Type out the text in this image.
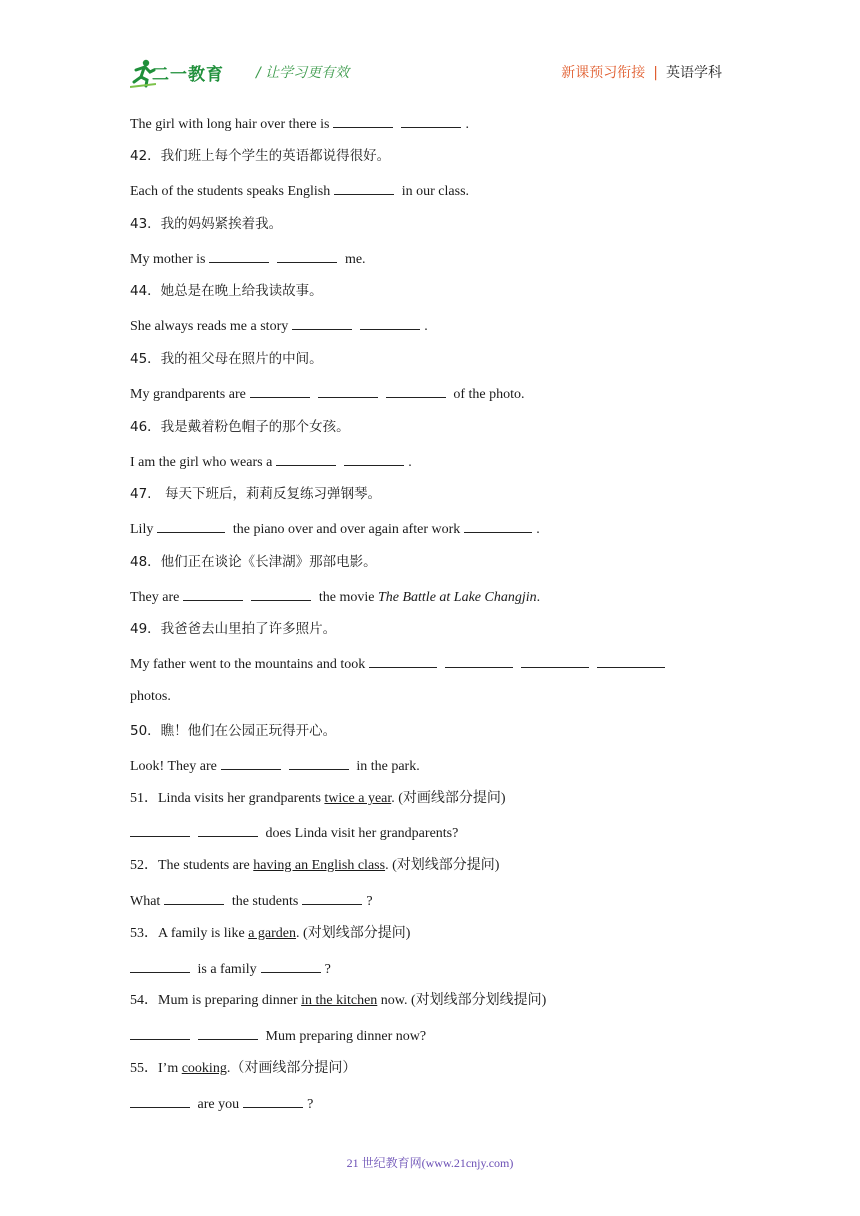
二一教育 / 让学习更有效	新课预习衔接 | 英语学科
The girl with long hair over there is	.
42．我们班上每个学生的英语都说得很好。
Each of the students speaks English	in our class.
43．我的妈妈紧挨着我。
My mother is	me.
44．她总是在晚上给我读故事。
She always reads me a story	.
45．我的祖父母在照片的中间。
My grandparents are	of the photo.
46．我是戴着粉色帽子的那个女孩。
I am the girl who wears a	.
47.　每天下班后，莉莉反复练习弹钢琴。
Lily	the piano over and over again after work	.
48．他们正在谈论《长津湖》那部电影。
They are	the movie The Battle at Lake Changjin.
49．我爸爸去山里拍了许多照片。
My father went to the mountains and took
photos.
50．瞧！他们在公园正玩得开心。
Look! They are	in the park.
51．Linda visits her grandparents twice a year. (对画线部分提问)
does Linda visit her grandparents?
52．The students are having an English class. (对划线部分提问)
What	the students	?
53．A family is like a garden. (对划线部分提问)
is a family	?
54．Mum is preparing dinner in the kitchen now. (对划线部分划线提问)
Mum preparing dinner now?
55．I’m cooking.（对画线部分提问）
are you	?
21 世纪教育网(www.21cnjy.com)
